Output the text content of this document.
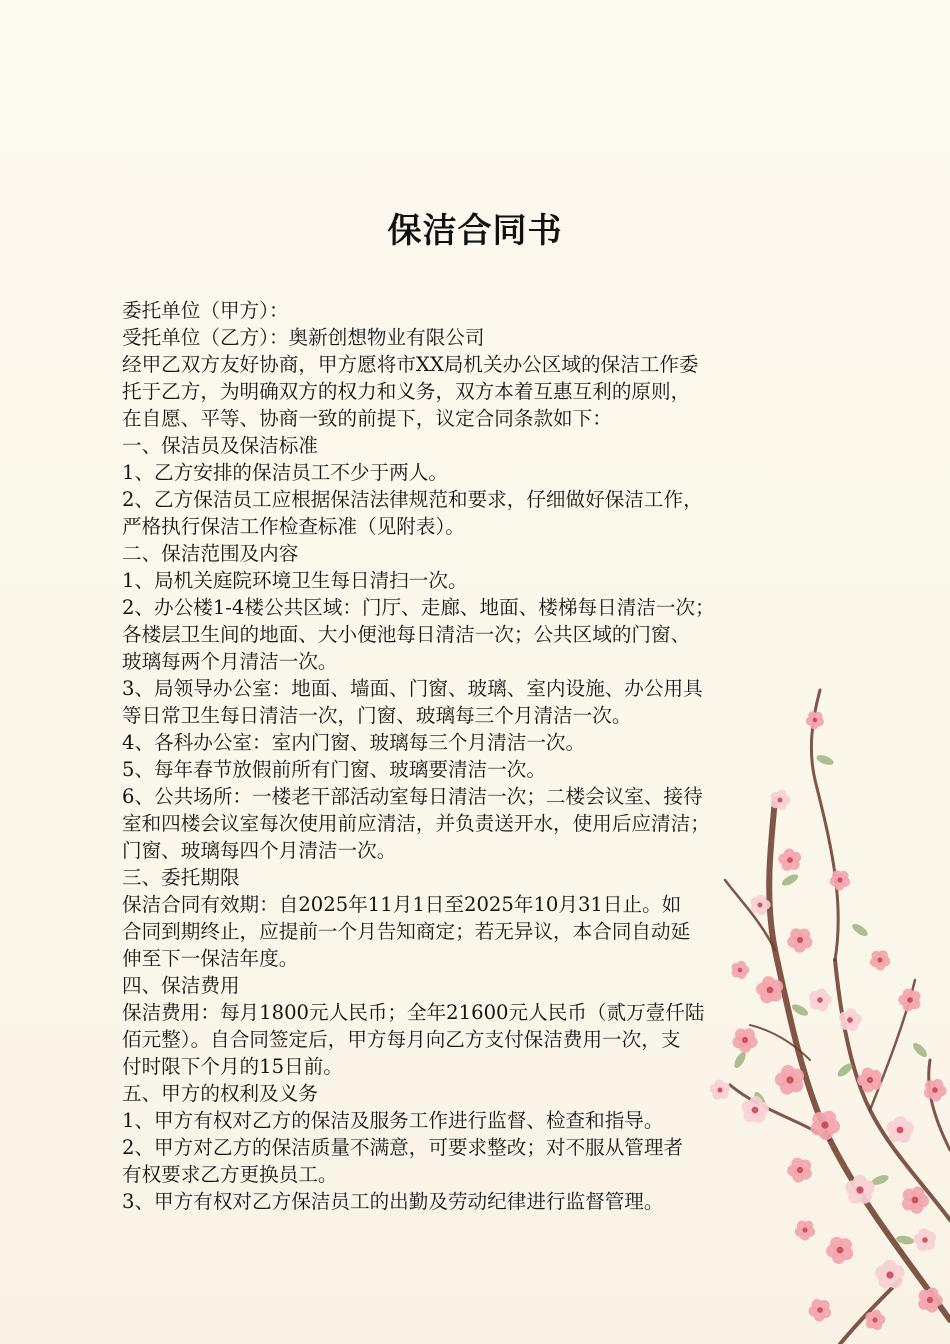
保洁合同书
委托单位（甲方）：
受托单位（乙方）：奥新创想物业有限公司
经甲乙双方友好协商，甲方愿将市XX局机关办公区域的保洁工作委
托于乙方，为明确双方的权力和义务，双方本着互惠互利的原则，
在自愿、平等、协商一致的前提下，议定合同条款如下：
一、保洁员及保洁标准
1、乙方安排的保洁员工不少于两人。
2、乙方保洁员工应根据保洁法律规范和要求，仔细做好保洁工作，
严格执行保洁工作检查标准（见附表）。
二、保洁范围及内容
1、局机关庭院环境卫生每日清扫一次。
2、办公楼1-4楼公共区域：门厅、走廊、地面、楼梯每日清洁一次；
各楼层卫生间的地面、大小便池每日清洁一次；公共区域的门窗、
玻璃每两个月清洁一次。
3、局领导办公室：地面、墙面、门窗、玻璃、室内设施、办公用具
等日常卫生每日清洁一次，门窗、玻璃每三个月清洁一次。
4、各科办公室：室内门窗、玻璃每三个月清洁一次。
5、每年春节放假前所有门窗、玻璃要清洁一次。
6、公共场所：一楼老干部活动室每日清洁一次；二楼会议室、接待
室和四楼会议室每次使用前应清洁，并负责送开水，使用后应清洁；
门窗、玻璃每四个月清洁一次。
三、委托期限
保洁合同有效期：自2025年11月1日至2025年10月31日止。如
合同到期终止，应提前一个月告知商定；若无异议，本合同自动延
伸至下一保洁年度。
四、保洁费用
保洁费用：每月1800元人民币；全年21600元人民币（贰万壹仟陆
佰元整）。自合同签定后，甲方每月向乙方支付保洁费用一次，支
付时限下个月的15日前。
五、甲方的权利及义务
1、甲方有权对乙方的保洁及服务工作进行监督、检查和指导。
2、甲方对乙方的保洁质量不满意，可要求整改；对不服从管理者
有权要求乙方更换员工。
3、甲方有权对乙方保洁员工的出勤及劳动纪律进行监督管理。
